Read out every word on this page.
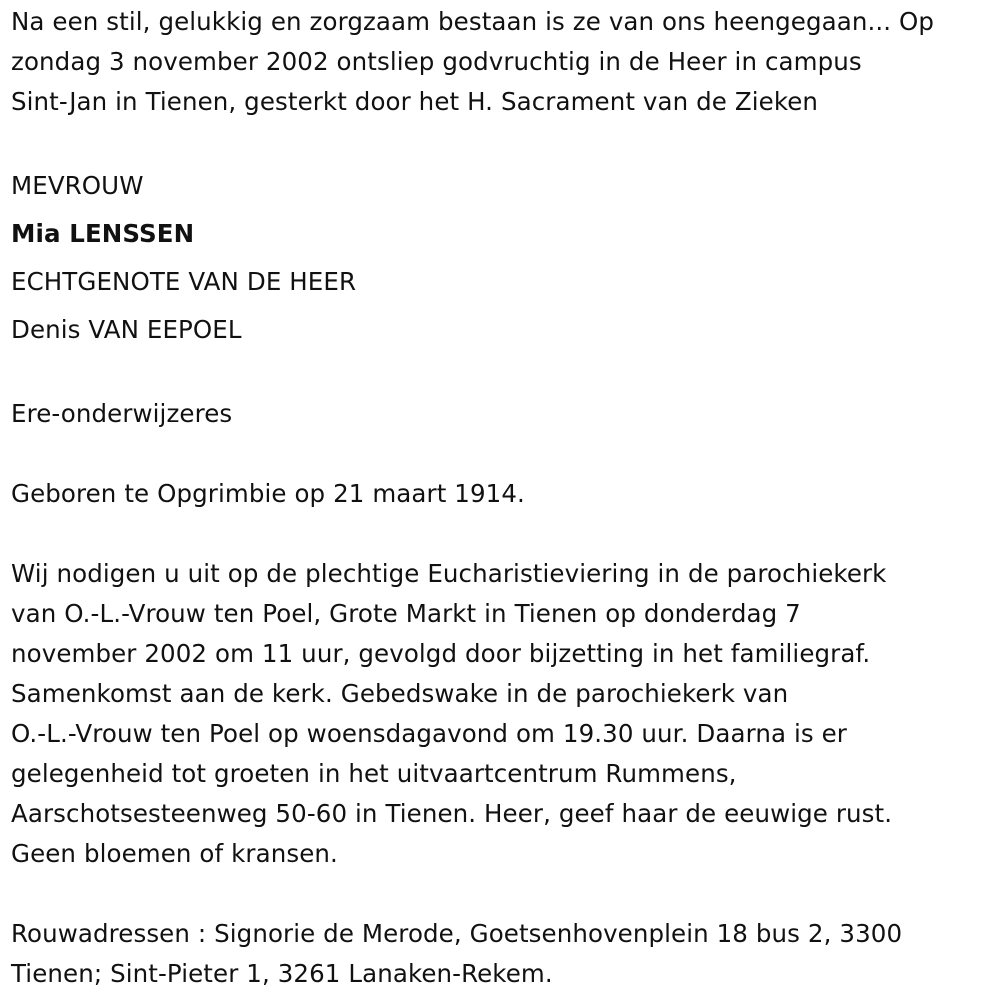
Na een stil, gelukkig en zorgzaam bestaan is ze van ons heengegaan... Op
zondag 3 november 2002 ontsliep godvruchtig in de Heer in campus
Sint-Jan in Tienen, gesterkt door het H. Sacrament van de Zieken

MEVROUW

Mia LENSSEN

ECHTGENOTE VAN DE HEER

Denis VAN EEPOEL

Ere-onderwijzeres

Geboren te Opgrimbie op 21 maart 1914.

Wij nodigen u uit op de plechtige Eucharistieviering in de parochiekerk
van O.-L.-Vrouw ten Poel, Grote Markt in Tienen op donderdag 7
november 2002 om 11 uur, gevolgd door bijzetting in het familiegraf.
Samenkomst aan de kerk. Gebedswake in de parochiekerk van
O.-L.-Vrouw ten Poel op woensdagavond om 19.30 uur. Daarna is er
gelegenheid tot groeten in het uitvaartcentrum Rummens,
Aarschotsesteenweg 50-60 in Tienen. Heer, geef haar de eeuwige rust.
Geen bloemen of kransen.

Rouwadressen : Signorie de Merode, Goetsenhovenplein 18 bus 2, 3300
Tienen; Sint-Pieter 1, 3261 Lanaken-Rekem.
